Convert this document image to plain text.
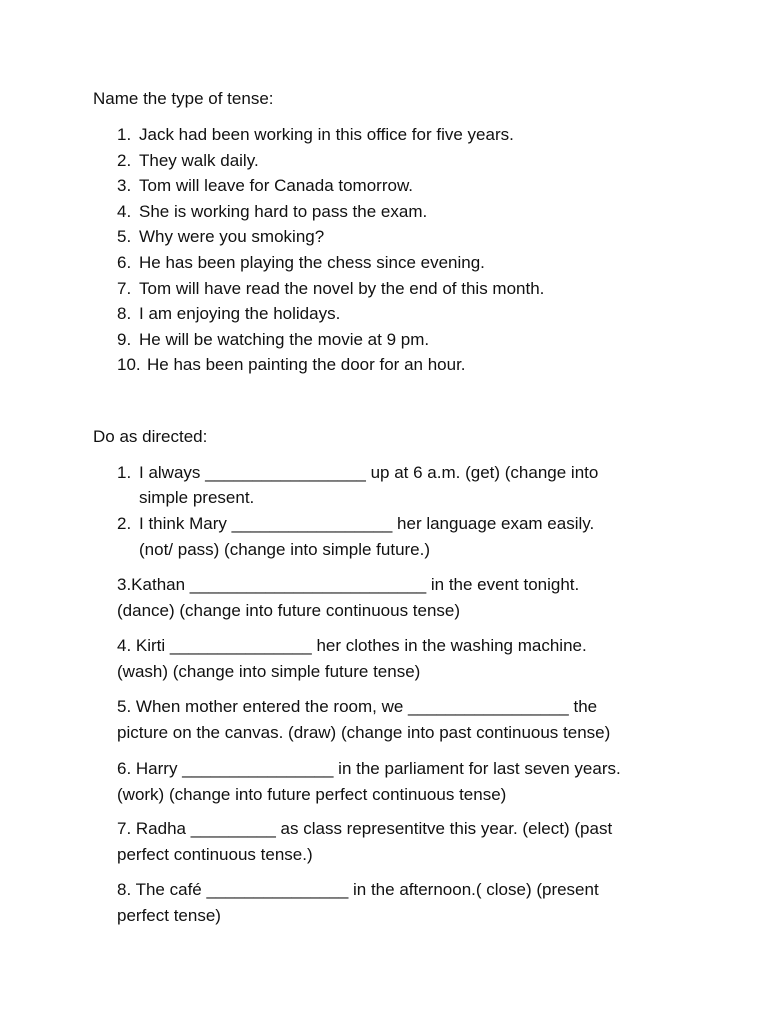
Name the type of tense:
1. Jack had been working in this office for five years.
2. They walk daily.
3. Tom will leave for Canada tomorrow.
4. She is working hard to pass the exam.
5. Why were you smoking?
6. He has been playing the chess since evening.
7. Tom will have read the novel by the end of this month.
8. I am enjoying the holidays.
9. He will be watching the movie at 9 pm.
10. He has been painting the door for an hour.
Do as directed:
1. I always _________________ up at 6 a.m. (get) (change into
simple present.
2. I think Mary _________________ her language exam easily.
(not/ pass) (change into simple future.)
3.Kathan _________________________ in the event tonight.
(dance) (change into future continuous tense)
4. Kirti _______________ her clothes in the washing machine.
(wash) (change into simple future tense)
5. When mother entered the room, we _________________ the
picture on the canvas. (draw) (change into past continuous tense)
6. Harry ________________ in the parliament for last seven years.
(work) (change into future perfect continuous tense)
7. Radha _________ as class representitve this year. (elect) (past
perfect continuous tense.)
8. The café _______________ in the afternoon.( close) (present
perfect tense)
